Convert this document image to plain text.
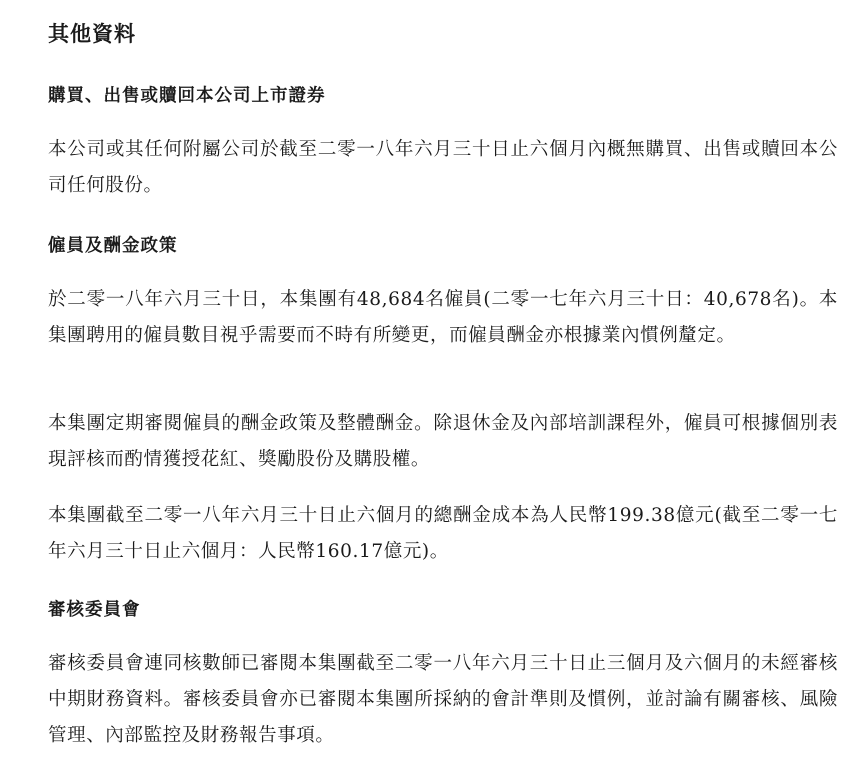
其他資料
購買、出售或贖回本公司上市證券

本公司或其任何附屬公司於截至二零一八年六月三十日止六個月內概無購買、出售或贖回本公司任何股份。

僱員及酬金政策

於二零一八年六月三十日，本集團有48,684名僱員(二零一七年六月三十日：40,678名)。本集團聘用的僱員數目視乎需要而不時有所變更，而僱員酬金亦根據業內慣例釐定。

本集團定期審閱僱員的酬金政策及整體酬金。除退休金及內部培訓課程外，僱員可根據個別表現評核而酌情獲授花紅、獎勵股份及購股權。

本集團截至二零一八年六月三十日止六個月的總酬金成本為人民幣199.38億元(截至二零一七年六月三十日止六個月：人民幣160.17億元)。

審核委員會

審核委員會連同核數師已審閱本集團截至二零一八年六月三十日止三個月及六個月的未經審核中期財務資料。審核委員會亦已審閱本集團所採納的會計準則及慣例，並討論有關審核、風險管理、內部監控及財務報告事項。
